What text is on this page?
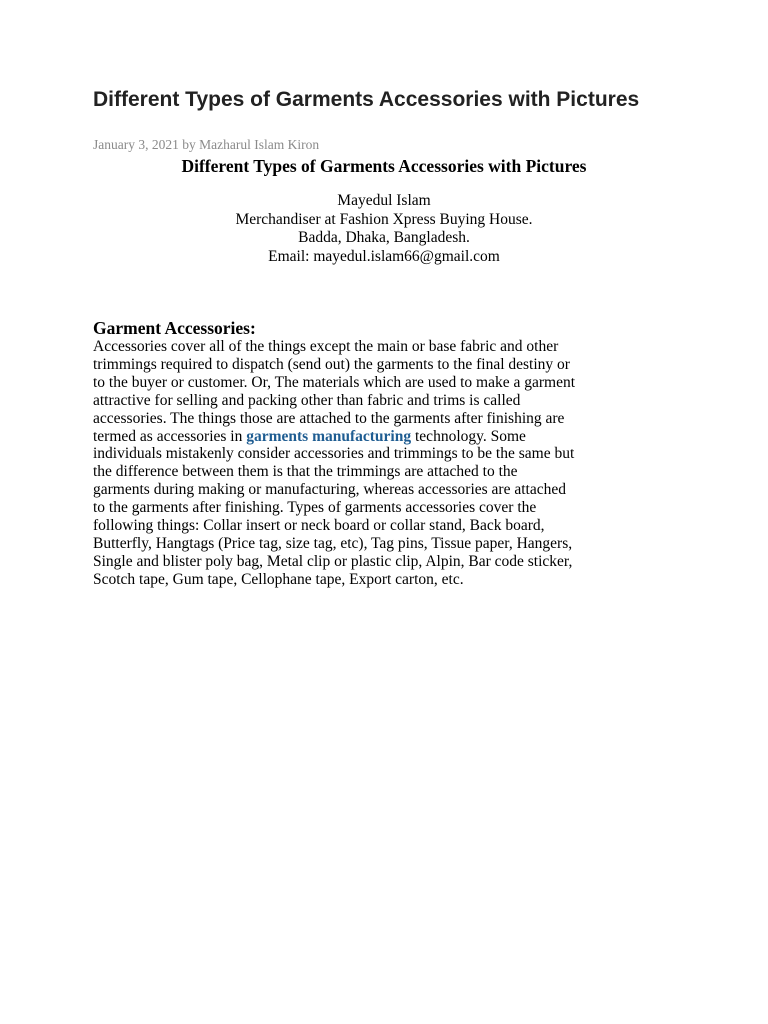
Different Types of Garments Accessories with Pictures
January 3, 2021 by Mazharul Islam Kiron
Different Types of Garments Accessories with Pictures
Mayedul Islam
Merchandiser at Fashion Xpress Buying House.
Badda, Dhaka, Bangladesh.
Email: mayedul.islam66@gmail.com
Garment Accessories:

Accessories cover all of the things except the main or base fabric and other
trimmings required to dispatch (send out) the garments to the final destiny or
to the buyer or customer. Or, The materials which are used to make a garment
attractive for selling and packing other than fabric and trims is called
accessories. The things those are attached to the garments after finishing are
termed as accessories in garments manufacturing technology. Some
individuals mistakenly consider accessories and trimmings to be the same but
the difference between them is that the trimmings are attached to the
garments during making or manufacturing, whereas accessories are attached
to the garments after finishing. Types of garments accessories cover the
following things: Collar insert or neck board or collar stand, Back board,
Butterfly, Hangtags (Price tag, size tag, etc), Tag pins, Tissue paper, Hangers,
Single and blister poly bag, Metal clip or plastic clip, Alpin, Bar code sticker,
Scotch tape, Gum tape, Cellophane tape, Export carton, etc.
